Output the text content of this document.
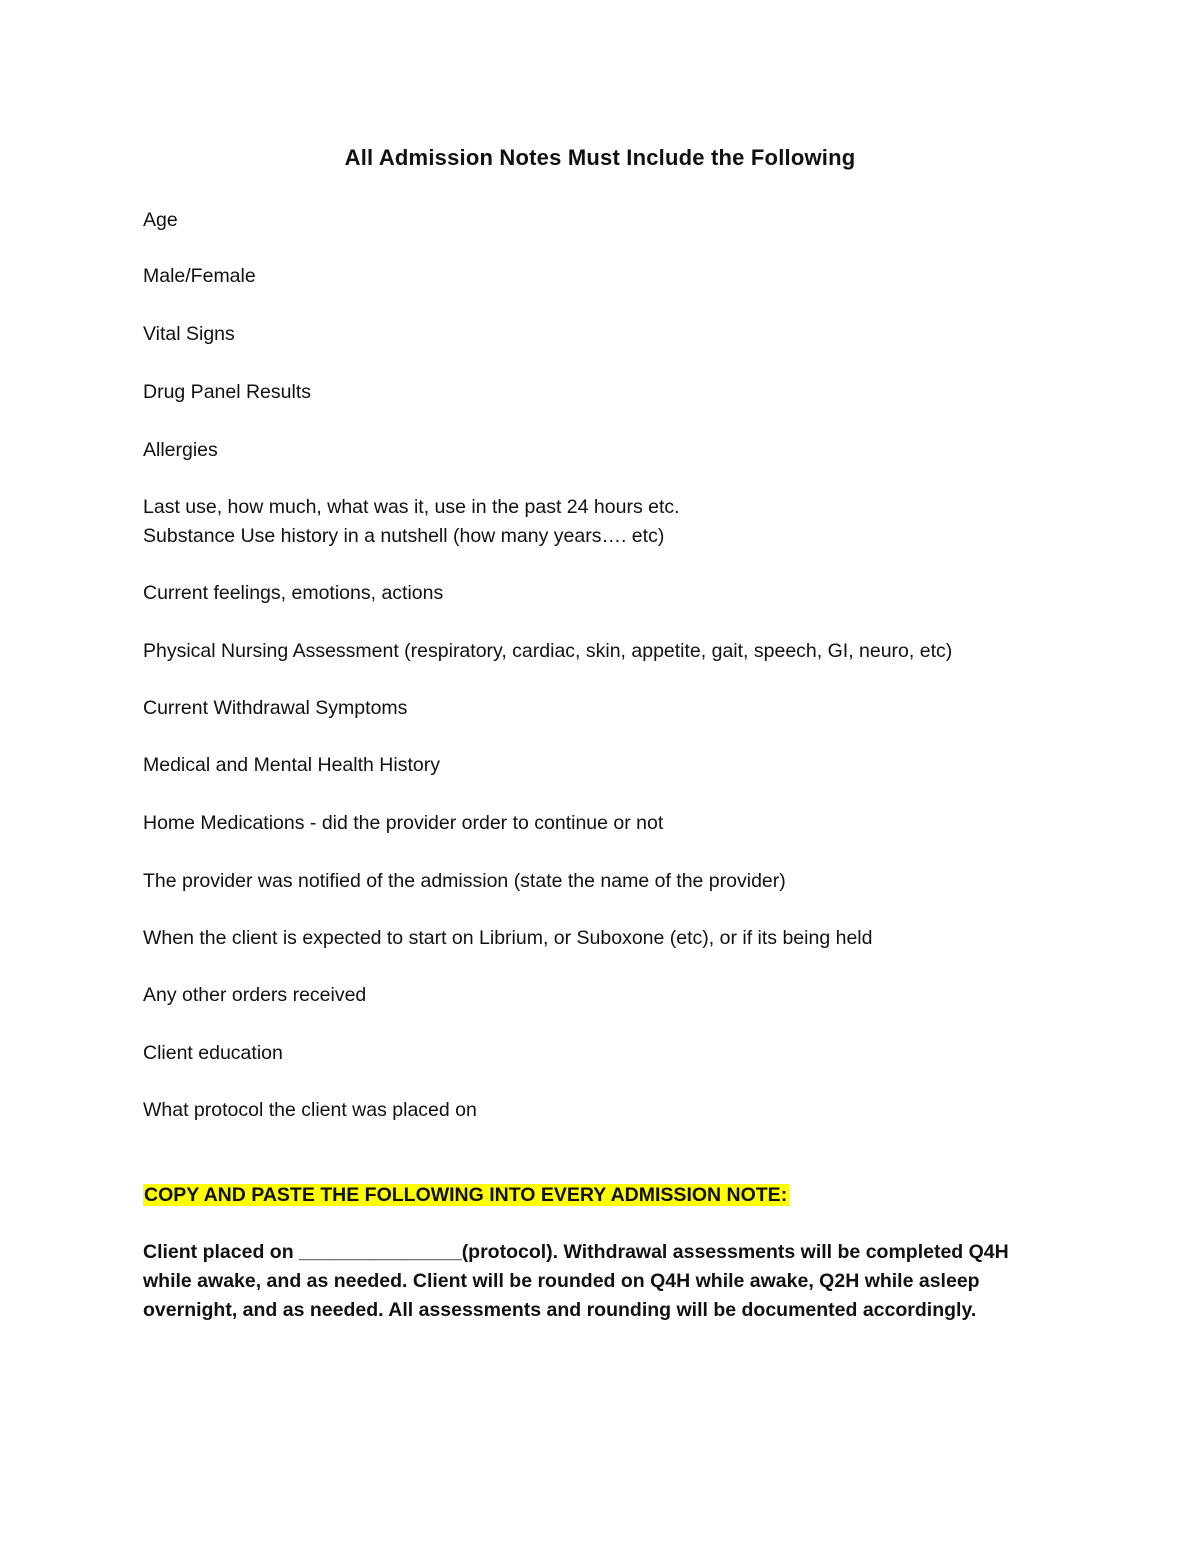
All Admission Notes Must Include the Following

Age

Male/Female

Vital Signs

Drug Panel Results

Allergies

Last use, how much, what was it, use in the past 24 hours etc.

Substance Use history in a nutshell (how many years…. etc)

Current feelings, emotions, actions

Physical Nursing Assessment (respiratory, cardiac, skin, appetite, gait, speech, GI, neuro, etc)

Current Withdrawal Symptoms

Medical and Mental Health History

Home Medications - did the provider order to continue or not

The provider was notified of the admission (state the name of the provider)

When the client is expected to start on Librium, or Suboxone (etc), or if its being held

Any other orders received

Client education

What protocol the client was placed on

COPY AND PASTE THE FOLLOWING INTO EVERY ADMISSION NOTE:

Client placed on _______________(protocol). Withdrawal assessments will be completed Q4H
while awake, and as needed. Client will be rounded on Q4H while awake, Q2H while asleep
overnight, and as needed. All assessments and rounding will be documented accordingly.
